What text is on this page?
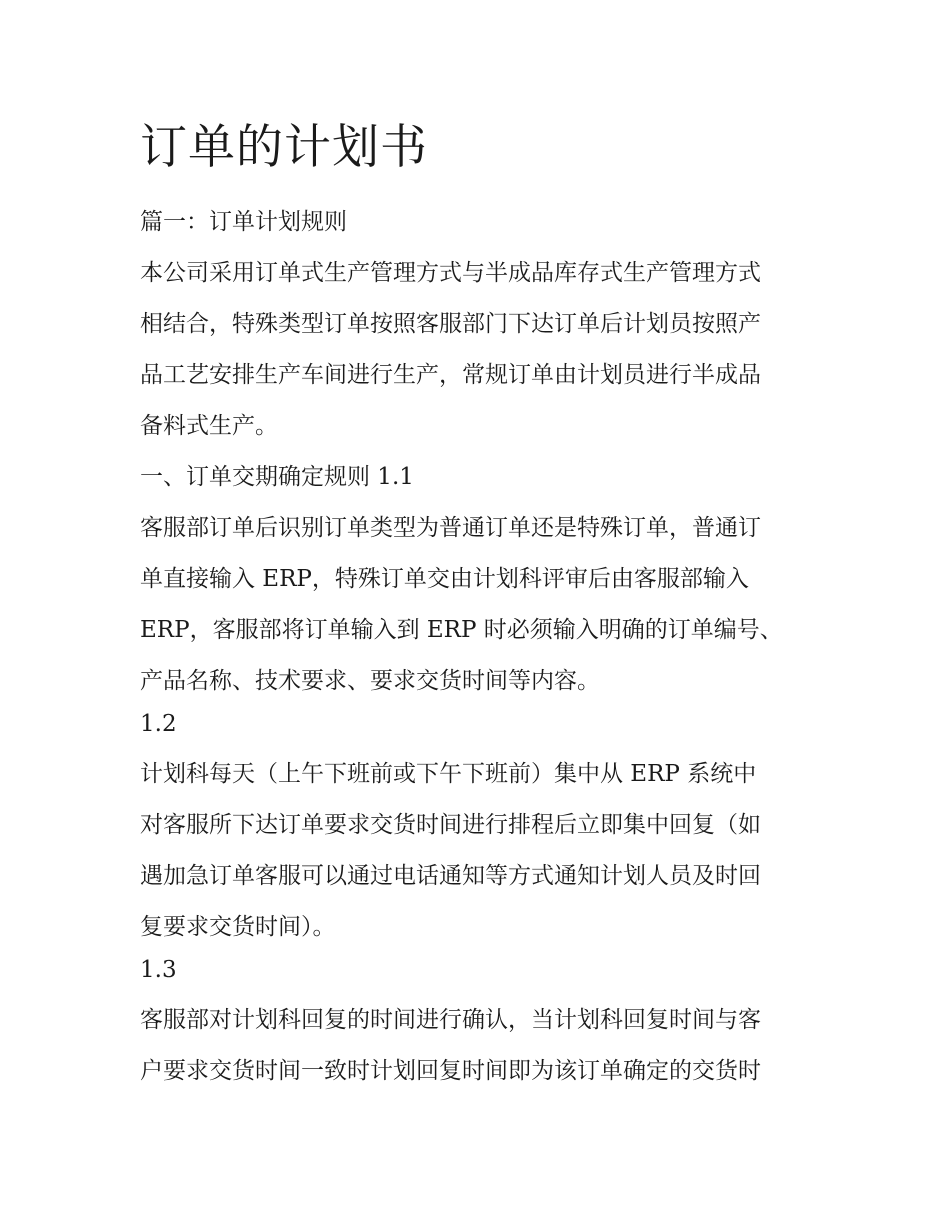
订单的计划书

篇一：订单计划规则

本公司采用订单式生产管理方式与半成品库存式生产管理方式

相结合，特殊类型订单按照客服部门下达订单后计划员按照产

品工艺安排生产车间进行生产，常规订单由计划员进行半成品

备料式生产。

一、订单交期确定规则 1.1

客服部订单后识别订单类型为普通订单还是特殊订单，普通订

单直接输入 ERP，特殊订单交由计划科评审后由客服部输入

ERP，客服部将订单输入到 ERP 时必须输入明确的订单编号、

产品名称、技术要求、要求交货时间等内容。

1.2

计划科每天（上午下班前或下午下班前）集中从 ERP 系统中

对客服所下达订单要求交货时间进行排程后立即集中回复（如

遇加急订单客服可以通过电话通知等方式通知计划人员及时回

复要求交货时间）。

1.3

客服部对计划科回复的时间进行确认，当计划科回复时间与客

户要求交货时间一致时计划回复时间即为该订单确定的交货时
